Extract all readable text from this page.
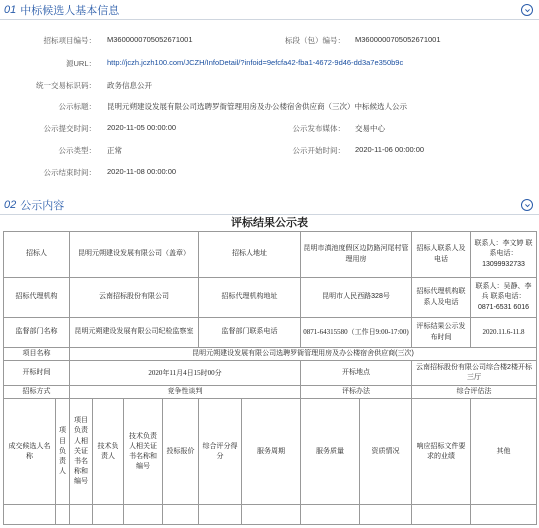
01 中标候选人基本信息
招标项目编号： M3600000705052671001	标段（包）编号： M3600000705052671001
源URL： http://jczh.jczh100.com/JCZH/InfoDetail/?infoid=9efcfa42-fba1-4672-9d46-dd3a7e350b9c
统一交易标识码： 政务信息公开
公示标题： 昆明元朔建设发展有限公司选聘罗衙管理用房及办公楼宿舍供应商（三次）中标候选人公示
公示提交时间： 2020-11-05 00:00:00	公示发布媒体： 交易中心
公示类型： 正常	公示开始时间： 2020-11-06 00:00:00
公示结束时间： 2020-11-08 00:00:00
02 公示内容
评标结果公示表
招标人		昆明元朔建设发展有限公司（盖章）				招标人地址		昆明市滇池度假区边防路河尾村管理用房		招标人联系人及电话	联系人：李文婷 联系电话：13099932733
招标代理机构		云南招标股份有限公司				招标代理机构地址		昆明市人民西路328号		招标代理机构联系人及电话	联系人：吴静、李兵 联系电话：0871-6531 6016
监督部门名称		昆明元朔建设发展有限公司纪检监察室				监督部门联系电话		0871-64315580（工作日9:00-17:00)		评标结果公示发布时间	2020.11.6-11.8
项目名称		昆明元朔建设发展有限公司选聘罗衙管理用房及办公楼宿舍供应商(三次)									
开标时间		2020年11月4日15时00分						开标地点		云南招标股份有限公司综合楼2楼开标三厅	
招标方式		竞争性谈判						评标办法		综合评估法	
成交候选人名称	项目负责人	项目负责人相关证书名称和编号	技术负责人	技术负责人相关证书名称和编号	投标报价	综合评分得分	服务周期	服务质量	资质情况	响应招标文件要求的业绩	其他
